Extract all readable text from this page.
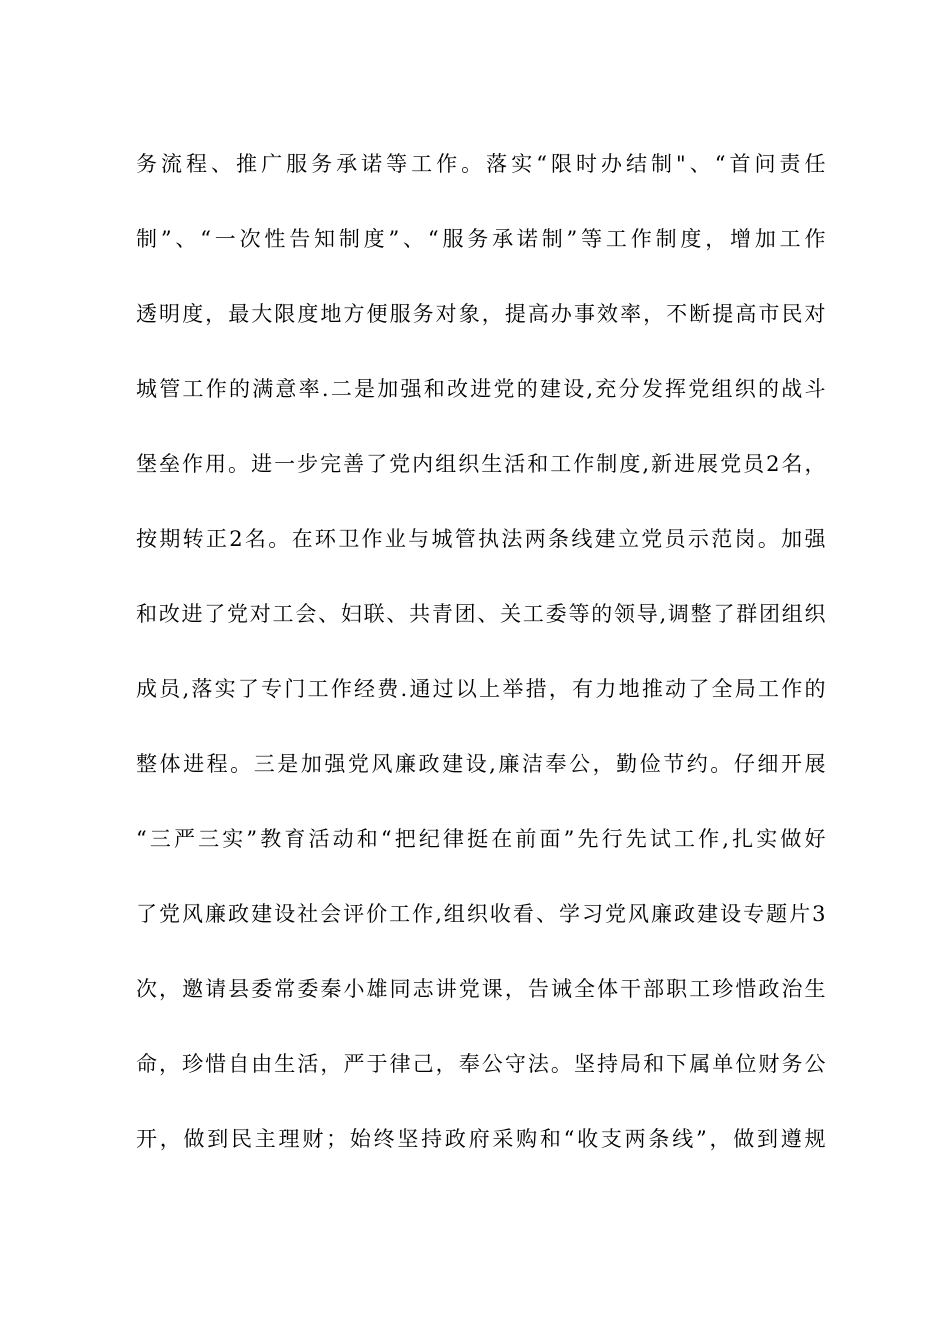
务流程、推广服务承诺等工作。落实“限时办结制"、“首问责任
制”、“一次性告知制度”、“服务承诺制”等工作制度，增加工作
透明度，最大限度地方便服务对象，提高办事效率，不断提高市民对
城管工作的满意率.二是加强和改进党的建设,充分发挥党组织的战斗
堡垒作用。进一步完善了党内组织生活和工作制度,新进展党员2名，
按期转正2名。在环卫作业与城管执法两条线建立党员示范岗。加强
和改进了党对工会、妇联、共青团、关工委等的领导,调整了群团组织
成员,落实了专门工作经费.通过以上举措，有力地推动了全局工作的
整体进程。三是加强党风廉政建设,廉洁奉公，勤俭节约。仔细开展
“三严三实”教育活动和“把纪律挺在前面”先行先试工作,扎实做好
了党风廉政建设社会评价工作,组织收看、学习党风廉政建设专题片3
次，邀请县委常委秦小雄同志讲党课，告诫全体干部职工珍惜政治生
命，珍惜自由生活，严于律己，奉公守法。坚持局和下属单位财务公
开，做到民主理财；始终坚持政府采购和“收支两条线”，做到遵规
